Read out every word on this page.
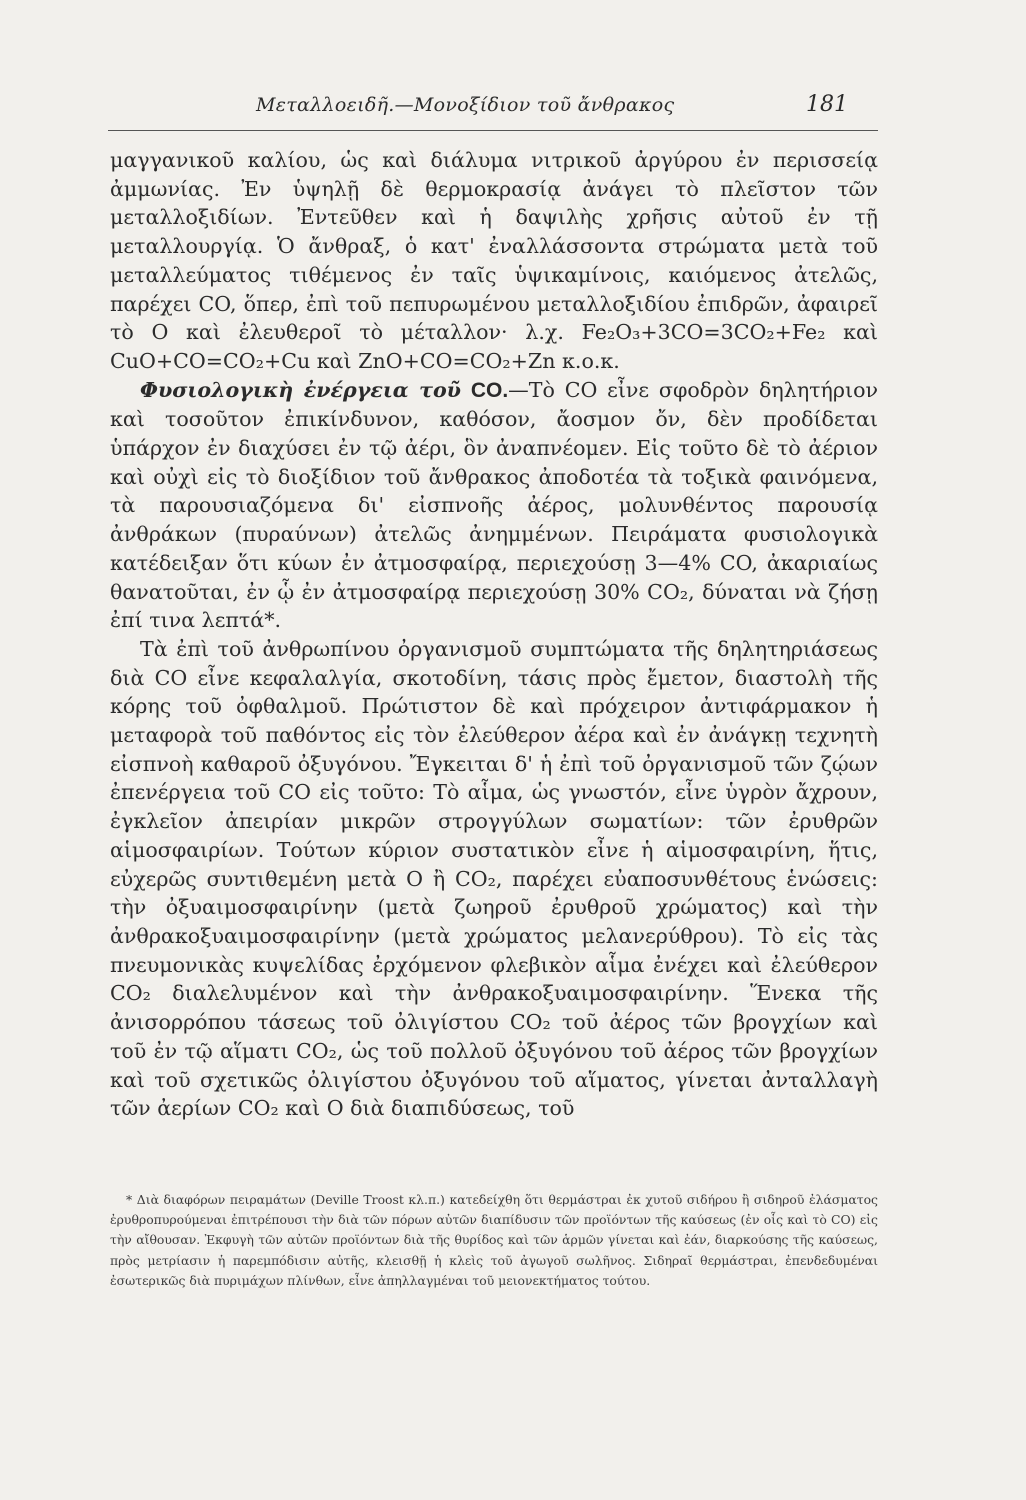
Μεταλλοειδῆ.—Μονοξίδιον τοῦ ἄνθρακος	181

μαγγανικοῦ καλίου, ὡς καὶ διάλυμα νιτρικοῦ ἀργύρου ἐν περισσείᾳ ἀμμωνίας. Ἐν ὑψηλῇ δὲ θερμοκρασίᾳ ἀνάγει τὸ πλεῖστον τῶν μεταλλοξιδίων. Ἐντεῦθεν καὶ ἡ δαψιλὴς χρῆσις αὐτοῦ ἐν τῇ μεταλλουργίᾳ. Ὁ ἄνθραξ, ὁ κατ' ἐναλλάσσοντα στρώματα μετὰ τοῦ μεταλλεύματος τιθέμενος ἐν ταῖς ὑψικαμίνοις, καιόμενος ἀτελῶς, παρέχει CO, ὅπερ, ἐπὶ τοῦ πεπυρωμένου μεταλλοξιδίου ἐπιδρῶν, ἀφαιρεῖ τὸ O καὶ ἐλευθεροῖ τὸ μέταλλον· λ.χ. Fe₂O₃+3CO=3CO₂+Fe₂ καὶ CuO+CO=CO₂+Cu καὶ ZnO+CO=CO₂+Zn κ.ο.κ.

Φυσιολογικὴ ἐνέργεια τοῦ CO.—Τὸ CO εἶνε σφοδρὸν δηλητήριον καὶ τοσοῦτον ἐπικίνδυνον, καθόσον, ἄοσμον ὄν, δὲν προδίδεται ὑπάρχον ἐν διαχύσει ἐν τῷ ἀέρι, ὃν ἀναπνέομεν. Εἰς τοῦτο δὲ τὸ ἀέριον καὶ οὐχὶ εἰς τὸ διοξίδιον τοῦ ἄνθρακος ἀποδοτέα τὰ τοξικὰ φαινόμενα, τὰ παρουσιαζόμενα δι' εἰσπνοῆς ἀέρος, μολυνθέντος παρουσίᾳ ἀνθράκων (πυραύνων) ἀτελῶς ἀνημμένων. Πειράματα φυσιολογικὰ κατέδειξαν ὅτι κύων ἐν ἀτμοσφαίρᾳ, περιεχούσῃ 3—4% CO, ἀκαριαίως θανατοῦται, ἐν ᾧ ἐν ἀτμοσφαίρᾳ περιεχούσῃ 30% CO₂, δύναται νὰ ζήσῃ ἐπί τινα λεπτά*.

Τὰ ἐπὶ τοῦ ἀνθρωπίνου ὀργανισμοῦ συμπτώματα τῆς δηλητηριάσεως διὰ CO εἶνε κεφαλαλγία, σκοτοδίνη, τάσις πρὸς ἔμετον, διαστολὴ τῆς κόρης τοῦ ὀφθαλμοῦ. Πρώτιστον δὲ καὶ πρόχειρον ἀντιφάρμακον ἡ μεταφορὰ τοῦ παθόντος εἰς τὸν ἐλεύθερον ἀέρα καὶ ἐν ἀνάγκῃ τεχνητὴ εἰσπνοὴ καθαροῦ ὀξυγόνου. Ἔγκειται δ' ἡ ἐπὶ τοῦ ὀργανισμοῦ τῶν ζῴων ἐπενέργεια τοῦ CO εἰς τοῦτο: Τὸ αἷμα, ὡς γνωστόν, εἶνε ὑγρὸν ἄχρουν, ἐγκλεῖον ἀπειρίαν μικρῶν στρογγύλων σωματίων: τῶν ἐρυθρῶν αἱμοσφαιρίων. Τούτων κύριον συστατικὸν εἶνε ἡ αἱμοσφαιρίνη, ἥτις, εὐχερῶς συντιθεμένη μετὰ O ἢ CO₂, παρέχει εὐαποσυνθέτους ἑνώσεις: τὴν ὀξυαιμοσφαιρίνην (μετὰ ζωηροῦ ἐρυθροῦ χρώματος) καὶ τὴν ἀνθρακοξυαιμοσφαιρίνην (μετὰ χρώματος μελανερύθρου). Τὸ εἰς τὰς πνευμονικὰς κυψελίδας ἐρχόμενον φλεβικὸν αἷμα ἐνέχει καὶ ἐλεύθερον CO₂ διαλελυμένον καὶ τὴν ἀνθρακοξυαιμοσφαιρίνην. Ἕνεκα τῆς ἀνισορρόπου τάσεως τοῦ ὀλιγίστου CO₂ τοῦ ἀέρος τῶν βρογχίων καὶ τοῦ ἐν τῷ αἵματι CO₂, ὡς τοῦ πολλοῦ ὀξυγόνου τοῦ ἀέρος τῶν βρογχίων καὶ τοῦ σχετικῶς ὀλιγίστου ὀξυγόνου τοῦ αἵματος, γίνεται ἀνταλλαγὴ τῶν ἀερίων CO₂ καὶ O διὰ διαπιδύσεως, τοῦ

* Διὰ διαφόρων πειραμάτων (Deville Troost κλ.π.) κατεδείχθη ὅτι θερμάστραι ἐκ χυτοῦ σιδήρου ἢ σιδηροῦ ἐλάσματος ἐρυθροπυρούμεναι ἐπιτρέπουσι τὴν διὰ τῶν πόρων αὐτῶν διαπίδυσιν τῶν προϊόντων τῆς καύσεως (ἐν οἷς καὶ τὸ CO) εἰς τὴν αἴθουσαν. Ἐκφυγὴ τῶν αὐτῶν προϊόντων διὰ τῆς θυρίδος καὶ τῶν ἁρμῶν γίνεται καὶ ἐάν, διαρκούσης τῆς καύσεως, πρὸς μετρίασιν ἡ παρεμπόδισιν αὐτῆς, κλεισθῇ ἡ κλεὶς τοῦ ἀγωγοῦ σωλῆνος. Σιδηραῖ θερμάστραι, ἐπενδεδυμέναι ἐσωτερικῶς διὰ πυριμάχων πλίνθων, εἶνε ἀπηλλαγμέναι τοῦ μειονεκτήματος τούτου.
